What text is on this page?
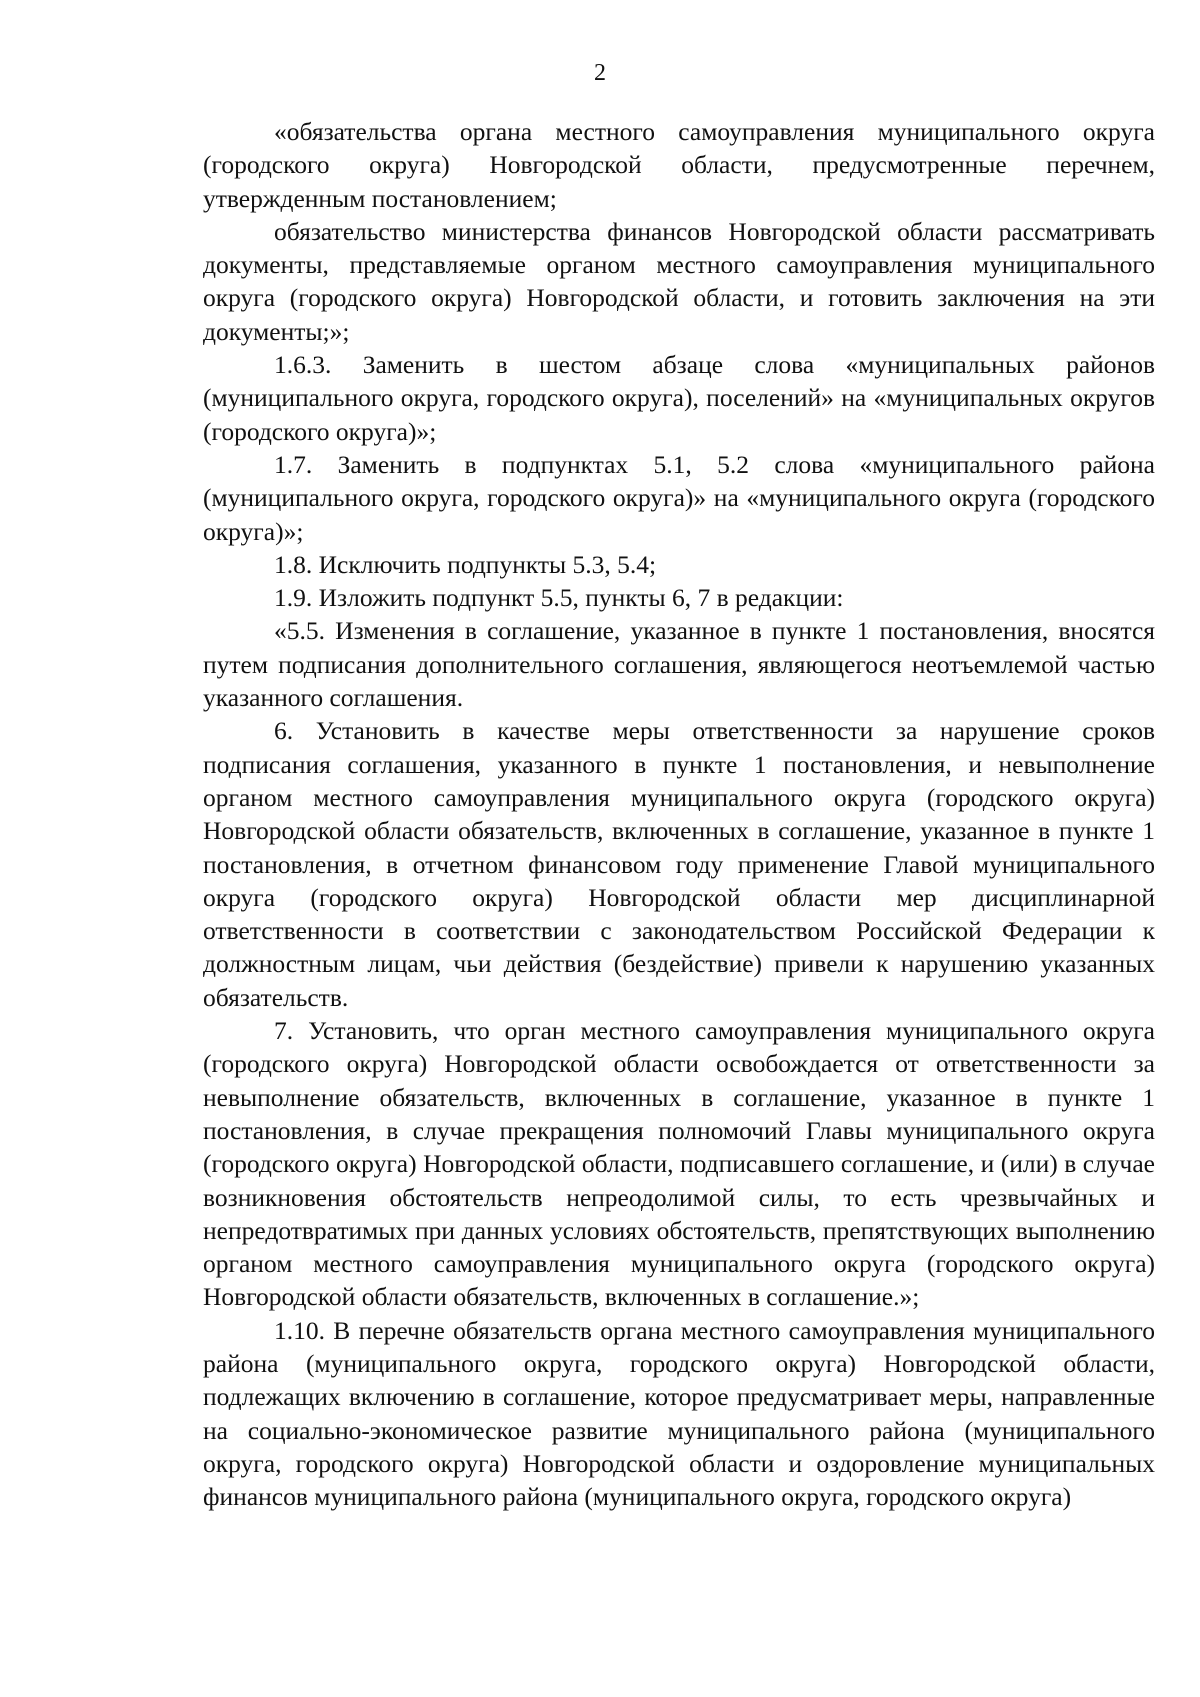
2

«обязательства органа местного самоуправления муниципального округа (городского округа) Новгородской области, предусмотренные перечнем, утвержденным постановлением;

обязательство министерства финансов Новгородской области рассматривать документы, представляемые органом местного самоуправления муниципального округа (городского округа) Новгородской области, и готовить заключения на эти документы;»;

1.6.3. Заменить в шестом абзаце слова «муниципальных районов (муниципального округа, городского округа), поселений» на «муниципальных округов (городского округа)»;

1.7. Заменить в подпунктах 5.1, 5.2 слова «муниципального района (муниципального округа, городского округа)» на «муниципального округа (городского округа)»;

1.8. Исключить подпункты 5.3, 5.4;

1.9. Изложить подпункт 5.5, пункты 6, 7 в редакции:

«5.5. Изменения в соглашение, указанное в пункте 1 постановления, вносятся путем подписания дополнительного соглашения, являющегося неотъемлемой частью указанного соглашения.

6. Установить в качестве меры ответственности за нарушение сроков подписания соглашения, указанного в пункте 1 постановления, и невыполнение органом местного самоуправления муниципального округа (городского округа) Новгородской области обязательств, включенных в соглашение, указанное в пункте 1 постановления, в отчетном финансовом году применение Главой муниципального округа (городского округа) Новгородской области мер дисциплинарной ответственности в соответствии с законодательством Российской Федерации к должностным лицам, чьи действия (бездействие) привели к нарушению указанных обязательств.

7. Установить, что орган местного самоуправления муниципального округа (городского округа) Новгородской области освобождается от ответственности за невыполнение обязательств, включенных в соглашение, указанное в пункте 1 постановления, в случае прекращения полномочий Главы муниципального округа (городского округа) Новгородской области, подписавшего соглашение, и (или) в случае возникновения обстоятельств непреодолимой силы, то есть чрезвычайных и непредотвратимых при данных условиях обстоятельств, препятствующих выполнению органом местного самоуправления муниципального округа (городского округа) Новгородской области обязательств, включенных в соглашение.»;

1.10. В перечне обязательств органа местного самоуправления муниципального района (муниципального округа, городского округа) Новгородской области, подлежащих включению в соглашение, которое предусматривает меры, направленные на социально-экономическое развитие муниципального района (муниципального округа, городского округа) Новгородской области и оздоровление муниципальных финансов муниципального района (муниципального округа, городского округа)
